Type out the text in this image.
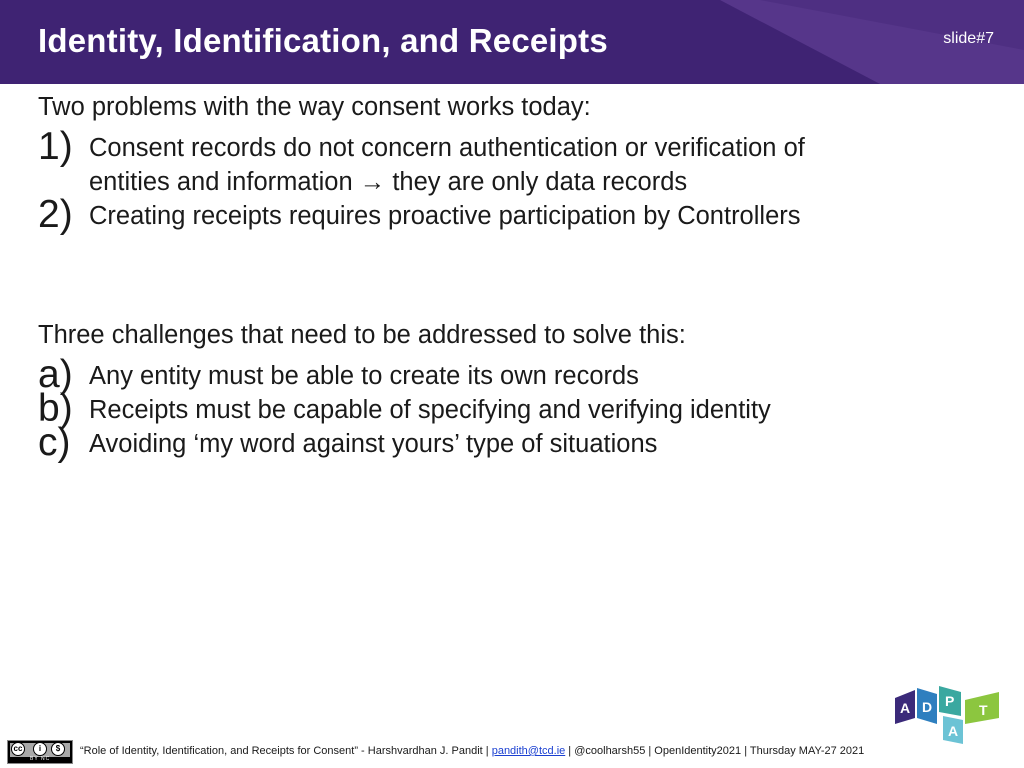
Identity, Identification, and Receipts	slide#7
Two problems with the way consent works today:
1) Consent records do not concern authentication or verification of
entities and information → they are only data records
2) Creating receipts requires proactive participation by Controllers
Three challenges that need to be addressed to solve this:
a) Any entity must be able to create its own records
b) Receipts must be capable of specifying and verifying identity
c) Avoiding ‘my word against yours’ type of situations
A D P
A
T
cc	i	$
BY NC
“Role of Identity, Identification, and Receipts for Consent” - Harshvardhan J. Pandit | pandith@tcd.ie | @coolharsh55 | OpenIdentity2021 | Thursday MAY-27 2021
